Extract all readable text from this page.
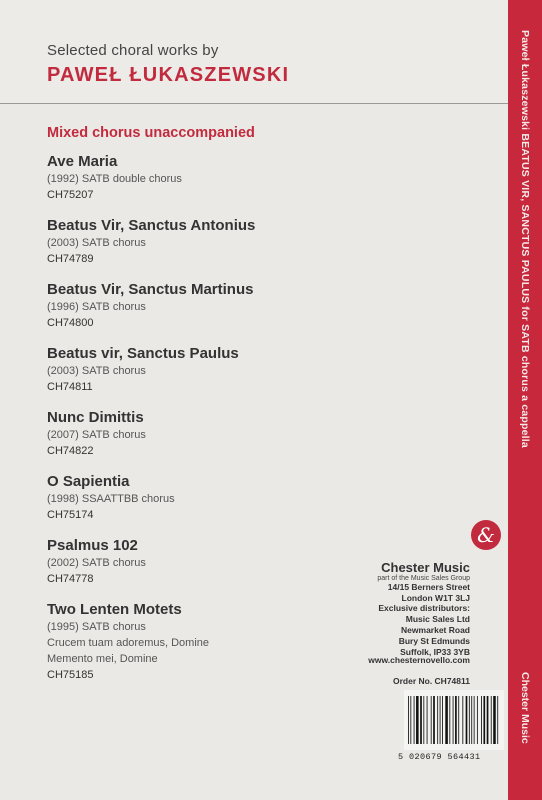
Selected choral works by
PAWEŁ ŁUKASZEWSKI
Mixed chorus unaccompanied
Ave Maria
(1992) SATB double chorus
CH75207
Beatus Vir, Sanctus Antonius
(2003) SATB chorus
CH74789
Beatus Vir, Sanctus Martinus
(1996) SATB chorus
CH74800
Beatus vir, Sanctus Paulus
(2003) SATB chorus
CH74811
Nunc Dimittis
(2007) SATB chorus
CH74822
O Sapientia
(1998) SSAATTBB chorus
CH75174
Psalmus 102
(2002) SATB chorus
CH74778
Two Lenten Motets
(1995) SATB chorus
Crucem tuam adoremus, Domine
Memento mei, Domine
CH75185
&
Chester Music
part of the Music Sales Group
14/15 Berners Street
London W1T 3LJ
Exclusive distributors:
Music Sales Ltd
Newmarket Road
Bury St Edmunds
Suffolk, IP33 3YB
www.chesternovello.com
Order No. CH74811
5 020679 564431
Paweł Łukaszewski BEATUS VIR, SANCTUS PAULUS for SATB chorus a cappella
Chester Music
